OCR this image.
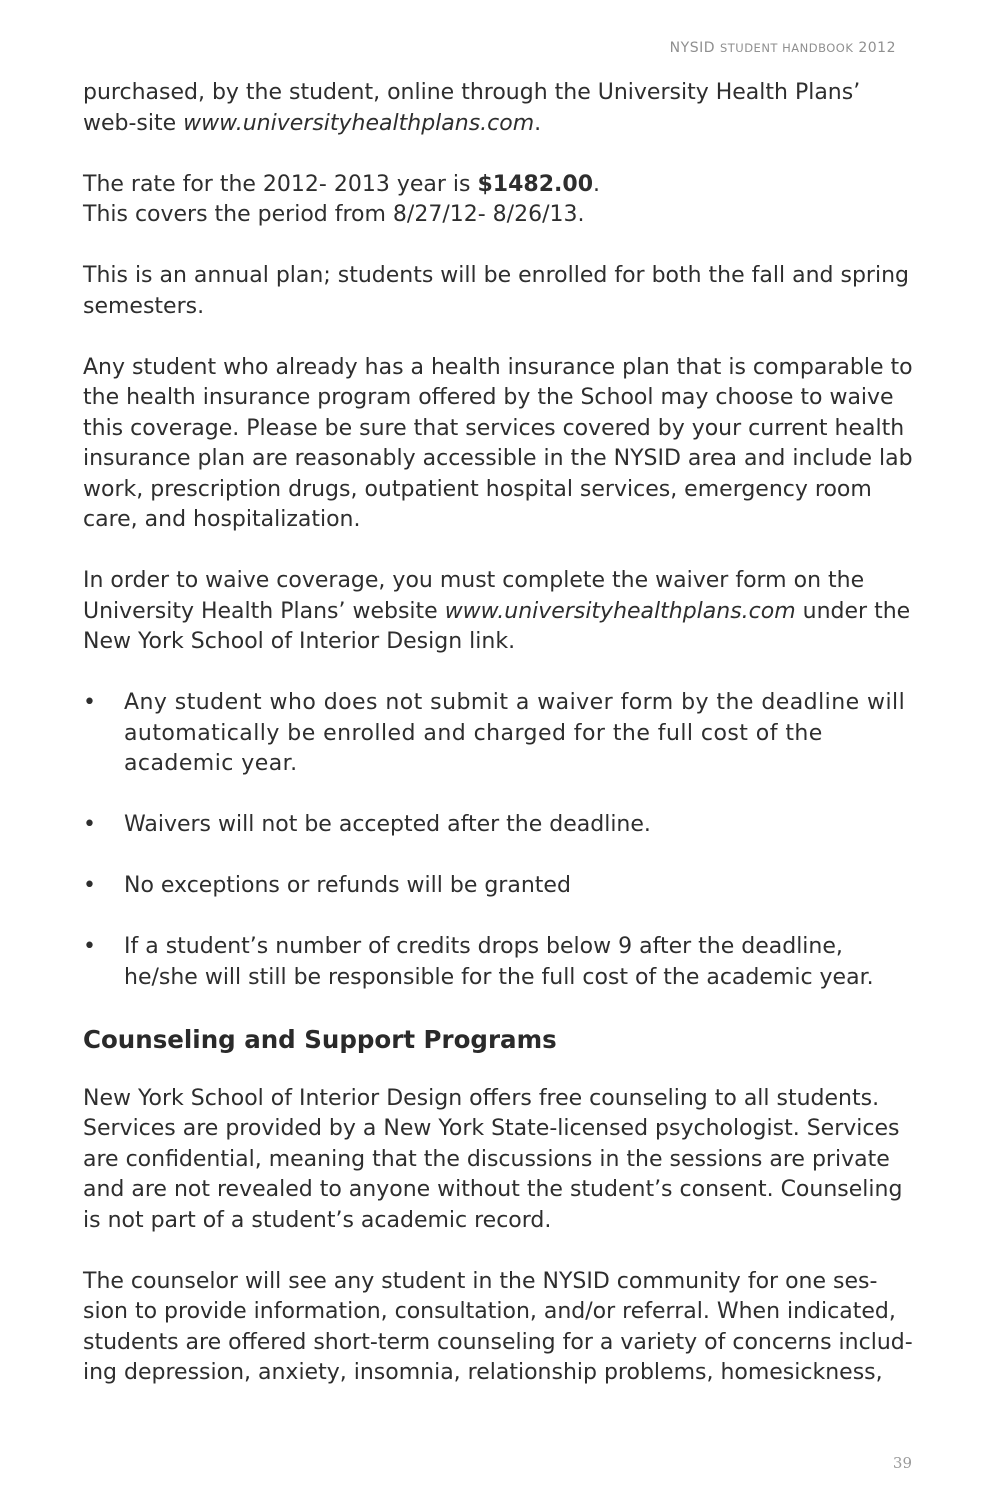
NYSID STUDENT HANDBOOK 2012

purchased, by the student, online through the University Health Plans’ web-site www.universityhealthplans.com.

The rate for the 2012- 2013 year is $1482.00.
This covers the period from 8/27/12- 8/26/13.

This is an annual plan; students will be enrolled for both the fall and spring semesters.

Any student who already has a health insurance plan that is comparable to the health insurance program offered by the School may choose to waive this coverage. Please be sure that services covered by your current health insurance plan are reasonably accessible in the NYSID area and include lab work, prescription drugs, outpatient hospital services, emergency room care, and hospitalization.

In order to waive coverage, you must complete the waiver form on the University Health Plans’ website www.universityhealthplans.com under the New York School of Interior Design link.

• Any student who does not submit a waiver form by the deadline will automatically be enrolled and charged for the full cost of the academic year.
• Waivers will not be accepted after the deadline.
• No exceptions or refunds will be granted
• If a student’s number of credits drops below 9 after the deadline, he/she will still be responsible for the full cost of the academic year.
Counseling and Support Programs

New York School of Interior Design offers free counseling to all students. Services are provided by a New York State-licensed psychologist. Services are confidential, meaning that the discussions in the sessions are private and are not revealed to anyone without the student’s consent. Counseling is not part of a student’s academic record.

The counselor will see any student in the NYSID community for one ses-sion to provide information, consultation, and/or referral. When indicated, students are offered short-term counseling for a variety of concerns includ-ing depression, anxiety, insomnia, relationship problems, homesickness,

39
